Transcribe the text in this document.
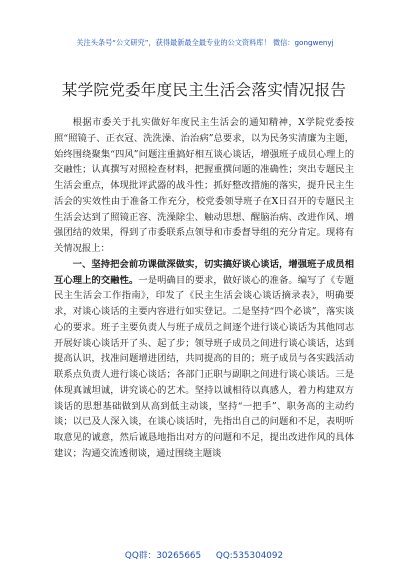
关注头条号“公文研究”，获得最新最全最专业的公文资料库！ 微信：gongwenyj
某学院党委年度民主生活会落实情况报告

根据市委关于扎实做好年度民主生活会的通知精神，X学院党委按照“照镜子、正衣冠、洗洗澡、治治病”总要求，以为民务实清廉为主题，始终围绕聚集“四风”问题注重搞好相互谈心谈话，增强班子成员心理上的交融性；认真撰写对照检查材料，把握重撰问题的准确性；突出专题民主生活会重点，体现批评武器的战斗性；抓好整改措施的落实，提升民主生活会的实效性由于准备工作充分，校党委领导班子在X日召开的专题民主生活会达到了照镜正容、洗澡除尘、触动思想、醒脑治病、改进作风、增强团结的效果，得到了市委联系点领导和市委督导组的充分肯定。现将有关情况报上：

一、坚持把会前功课做深做实，切实搞好谈心谈话，增强班子成员相互心理上的交融性。一是明确目的要求，做好谈心的准备。编写了《专题民主生活会工作指南》，印发了《民主生活会谈心谈话摘录表》，明确要求，对谈心谈话的主要内容进行如实登记。二是坚持“四个必谈”，落实谈心的要求。班子主要负责人与班子成员之间逐个进行谈心谈话为其他同志开展好谈心谈话开了头、起了步；领导班子成员之间进行谈心谈话，达到提高认识，找准问题增进团结，共同提高的目的；班子成员与各实践活动联系点负责人进行谈心谈话；各部门正职与副职之间进行谈心谈话。三是体现真诚坦诚，讲究谈心的艺术。坚持以诚相待以真感人，着力构建双方谈话的思想基础做到从高到低主动谈，坚持“一把手”、职务高的主动约谈；以已及人深入谈，在谈心谈话时，先指出自己的问题和不足，表明听取意见的诚意，然后诚恳地指出对方的问题和不足，提出改进作风的具体建议；沟通交流透彻谈，通过围绕主题谈

QQ群：30265665 QQ:535304092
